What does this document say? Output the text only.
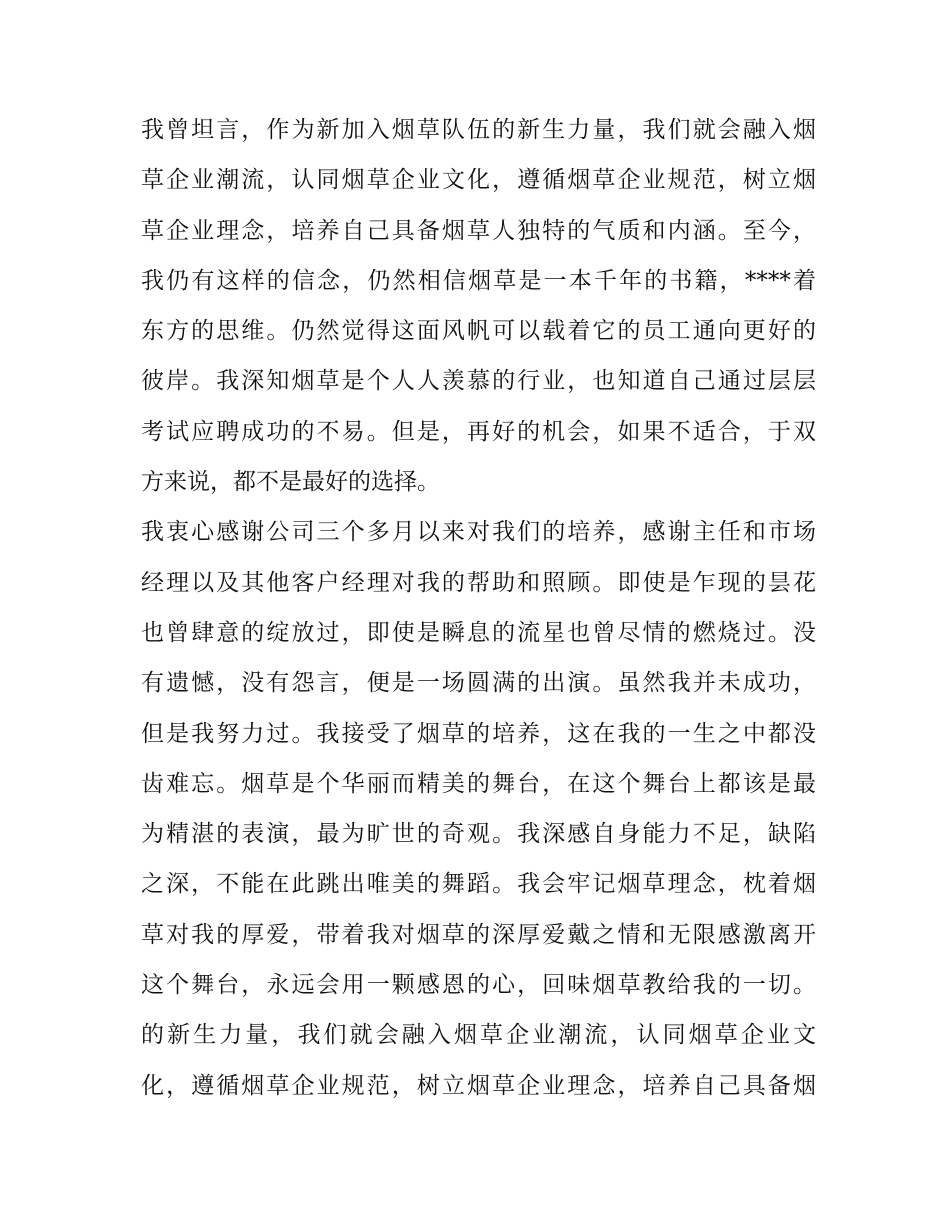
我曾坦言，作为新加入烟草队伍的新生力量，我们就会融入烟
草企业潮流，认同烟草企业文化，遵循烟草企业规范，树立烟
草企业理念，培养自己具备烟草人独特的气质和内涵。至今，
我仍有这样的信念，仍然相信烟草是一本千年的书籍，****着
东方的思维。仍然觉得这面风帆可以载着它的员工通向更好的
彼岸。我深知烟草是个人人羡慕的行业，也知道自己通过层层
考试应聘成功的不易。但是，再好的机会，如果不适合，于双
方来说，都不是最好的选择。
我衷心感谢公司三个多月以来对我们的培养，感谢主任和市场
经理以及其他客户经理对我的帮助和照顾。即使是乍现的昙花
也曾肆意的绽放过，即使是瞬息的流星也曾尽情的燃烧过。没
有遗憾，没有怨言，便是一场圆满的出演。虽然我并未成功，
但是我努力过。我接受了烟草的培养，这在我的一生之中都没
齿难忘。烟草是个华丽而精美的舞台，在这个舞台上都该是最
为精湛的表演，最为旷世的奇观。我深感自身能力不足，缺陷
之深，不能在此跳出唯美的舞蹈。我会牢记烟草理念，枕着烟
草对我的厚爱，带着我对烟草的深厚爱戴之情和无限感激离开
这个舞台，永远会用一颗感恩的心，回味烟草教给我的一切。
的新生力量，我们就会融入烟草企业潮流，认同烟草企业文
化，遵循烟草企业规范，树立烟草企业理念，培养自己具备烟
